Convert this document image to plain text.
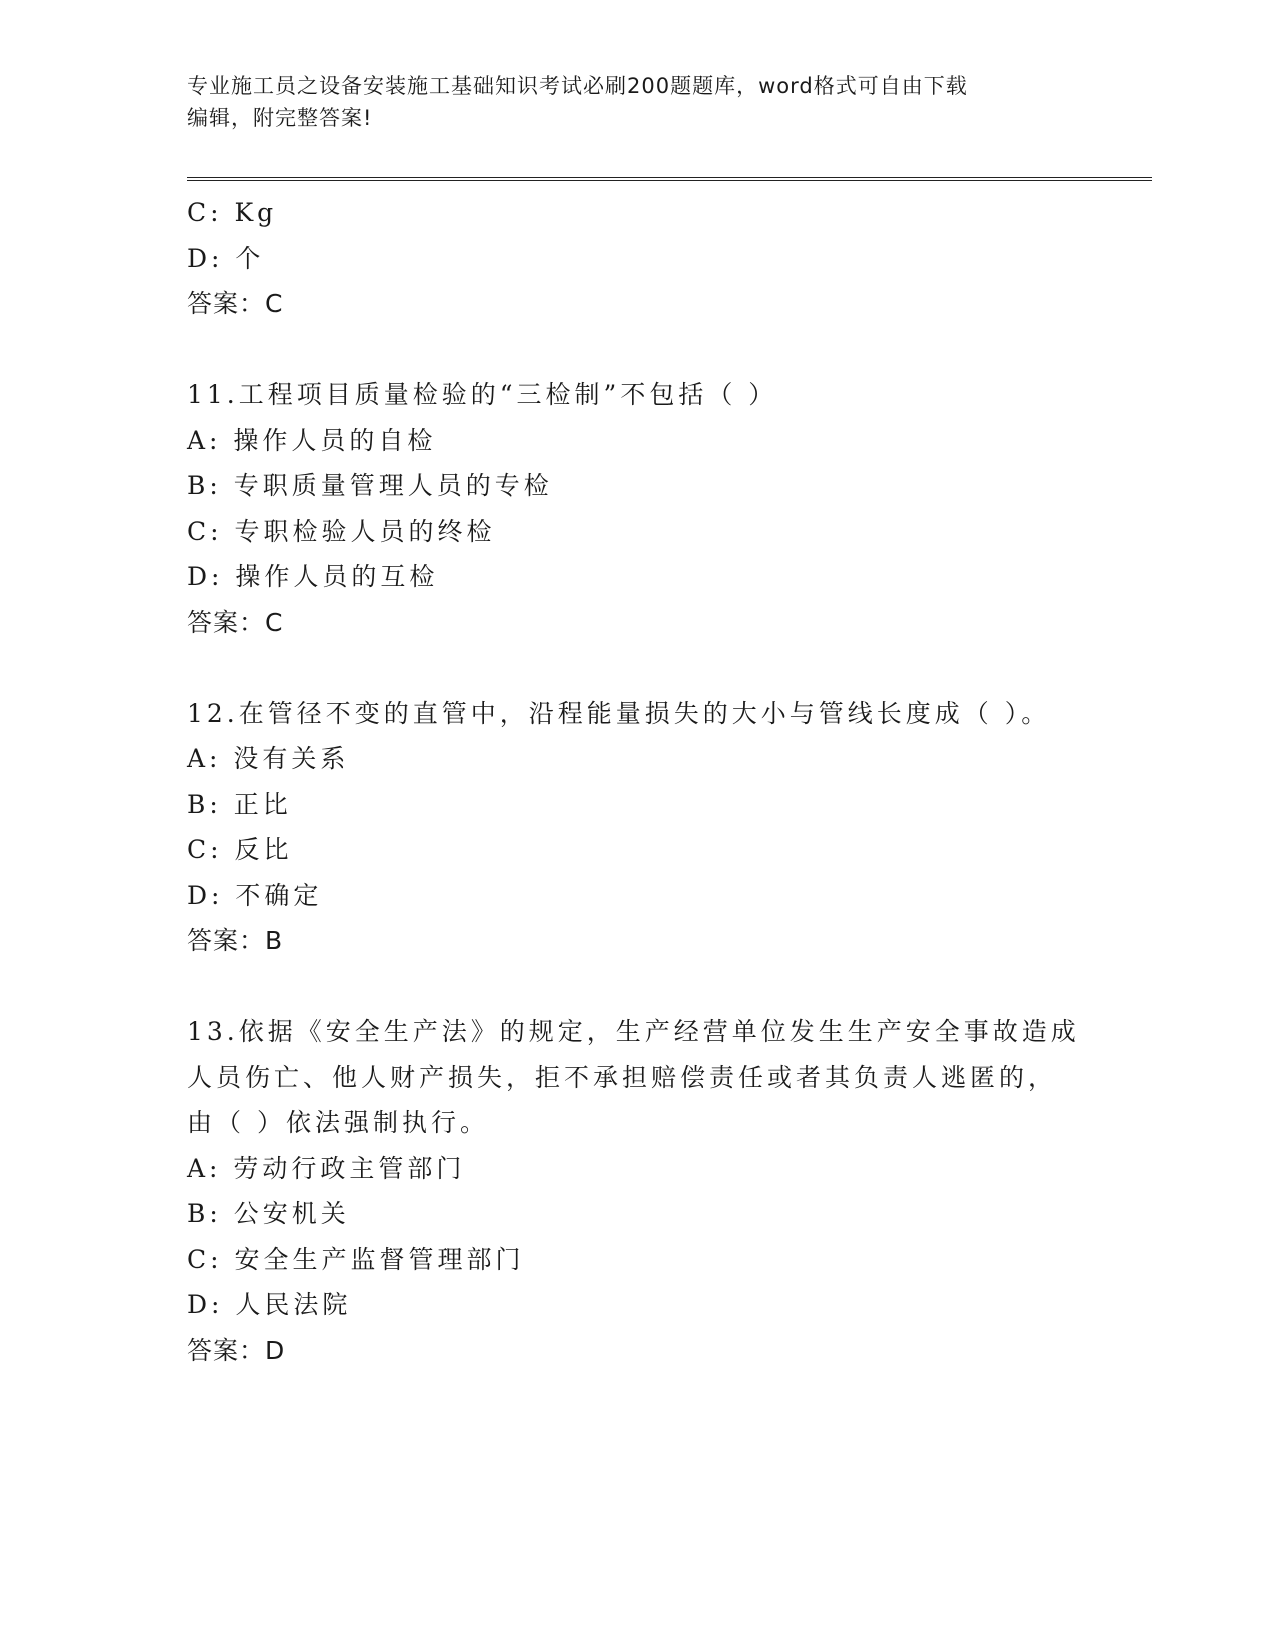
专业施工员之设备安装施工基础知识考试必刷200题题库，word格式可自由下载
编辑，附完整答案!
C: Kg
D: 个
答案：C
11.工程项目质量检验的“三检制”不包括（ ）
A: 操作人员的自检
B: 专职质量管理人员的专检
C: 专职检验人员的终检
D: 操作人员的互检
答案：C
12.在管径不变的直管中，沿程能量损失的大小与管线长度成（ ）。
A: 没有关系
B: 正比
C: 反比
D: 不确定
答案：B
13.依据《安全生产法》的规定，生产经营单位发生生产安全事故造成
人员伤亡、他人财产损失，拒不承担赔偿责任或者其负责人逃匿的，
由（ ）依法强制执行。
A: 劳动行政主管部门
B: 公安机关
C: 安全生产监督管理部门
D: 人民法院
答案：D
